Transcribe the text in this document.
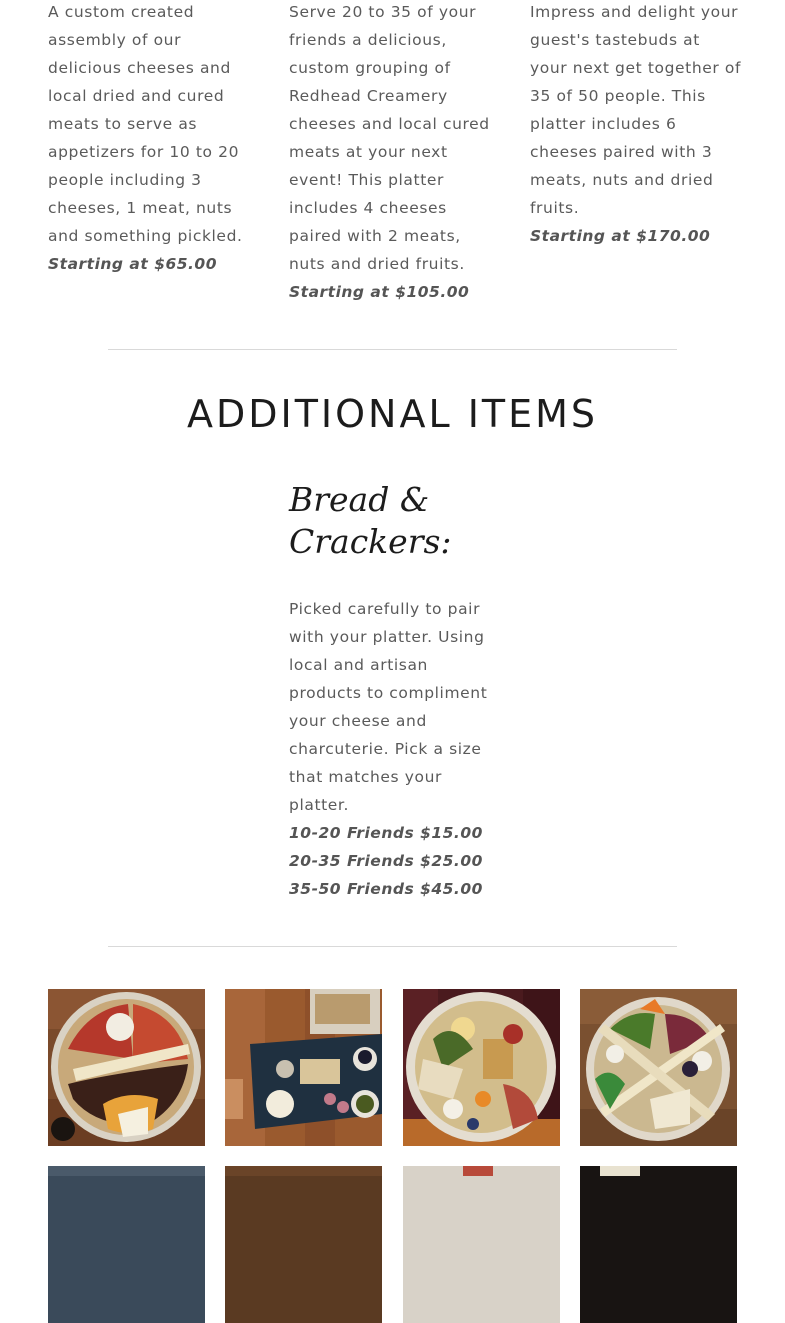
A custom created assembly of our delicious cheeses and local dried and cured meats to serve as appetizers for 10 to 20 people including 3 cheeses, 1 meat, nuts and something pickled.

Starting at $65.00

Serve 20 to 35 of your friends a delicious, custom grouping of Redhead Creamery cheeses and local cured meats at your next event! This platter includes 4 cheeses paired with 2 meats, nuts and dried fruits.

Starting at $105.00

Impress and delight your guest's tastebuds at your next get together of 35 of 50 people. This platter includes 6 cheeses paired with 3 meats, nuts and dried fruits.

Starting at $170.00

ADDITIONAL ITEMS
Bread & Crackers:

Picked carefully to pair with your platter. Using local and artisan products to compliment your cheese and charcuterie. Pick a size that matches your platter.

10-20 Friends $15.00

20-35 Friends $25.00

35-50 Friends $45.00
